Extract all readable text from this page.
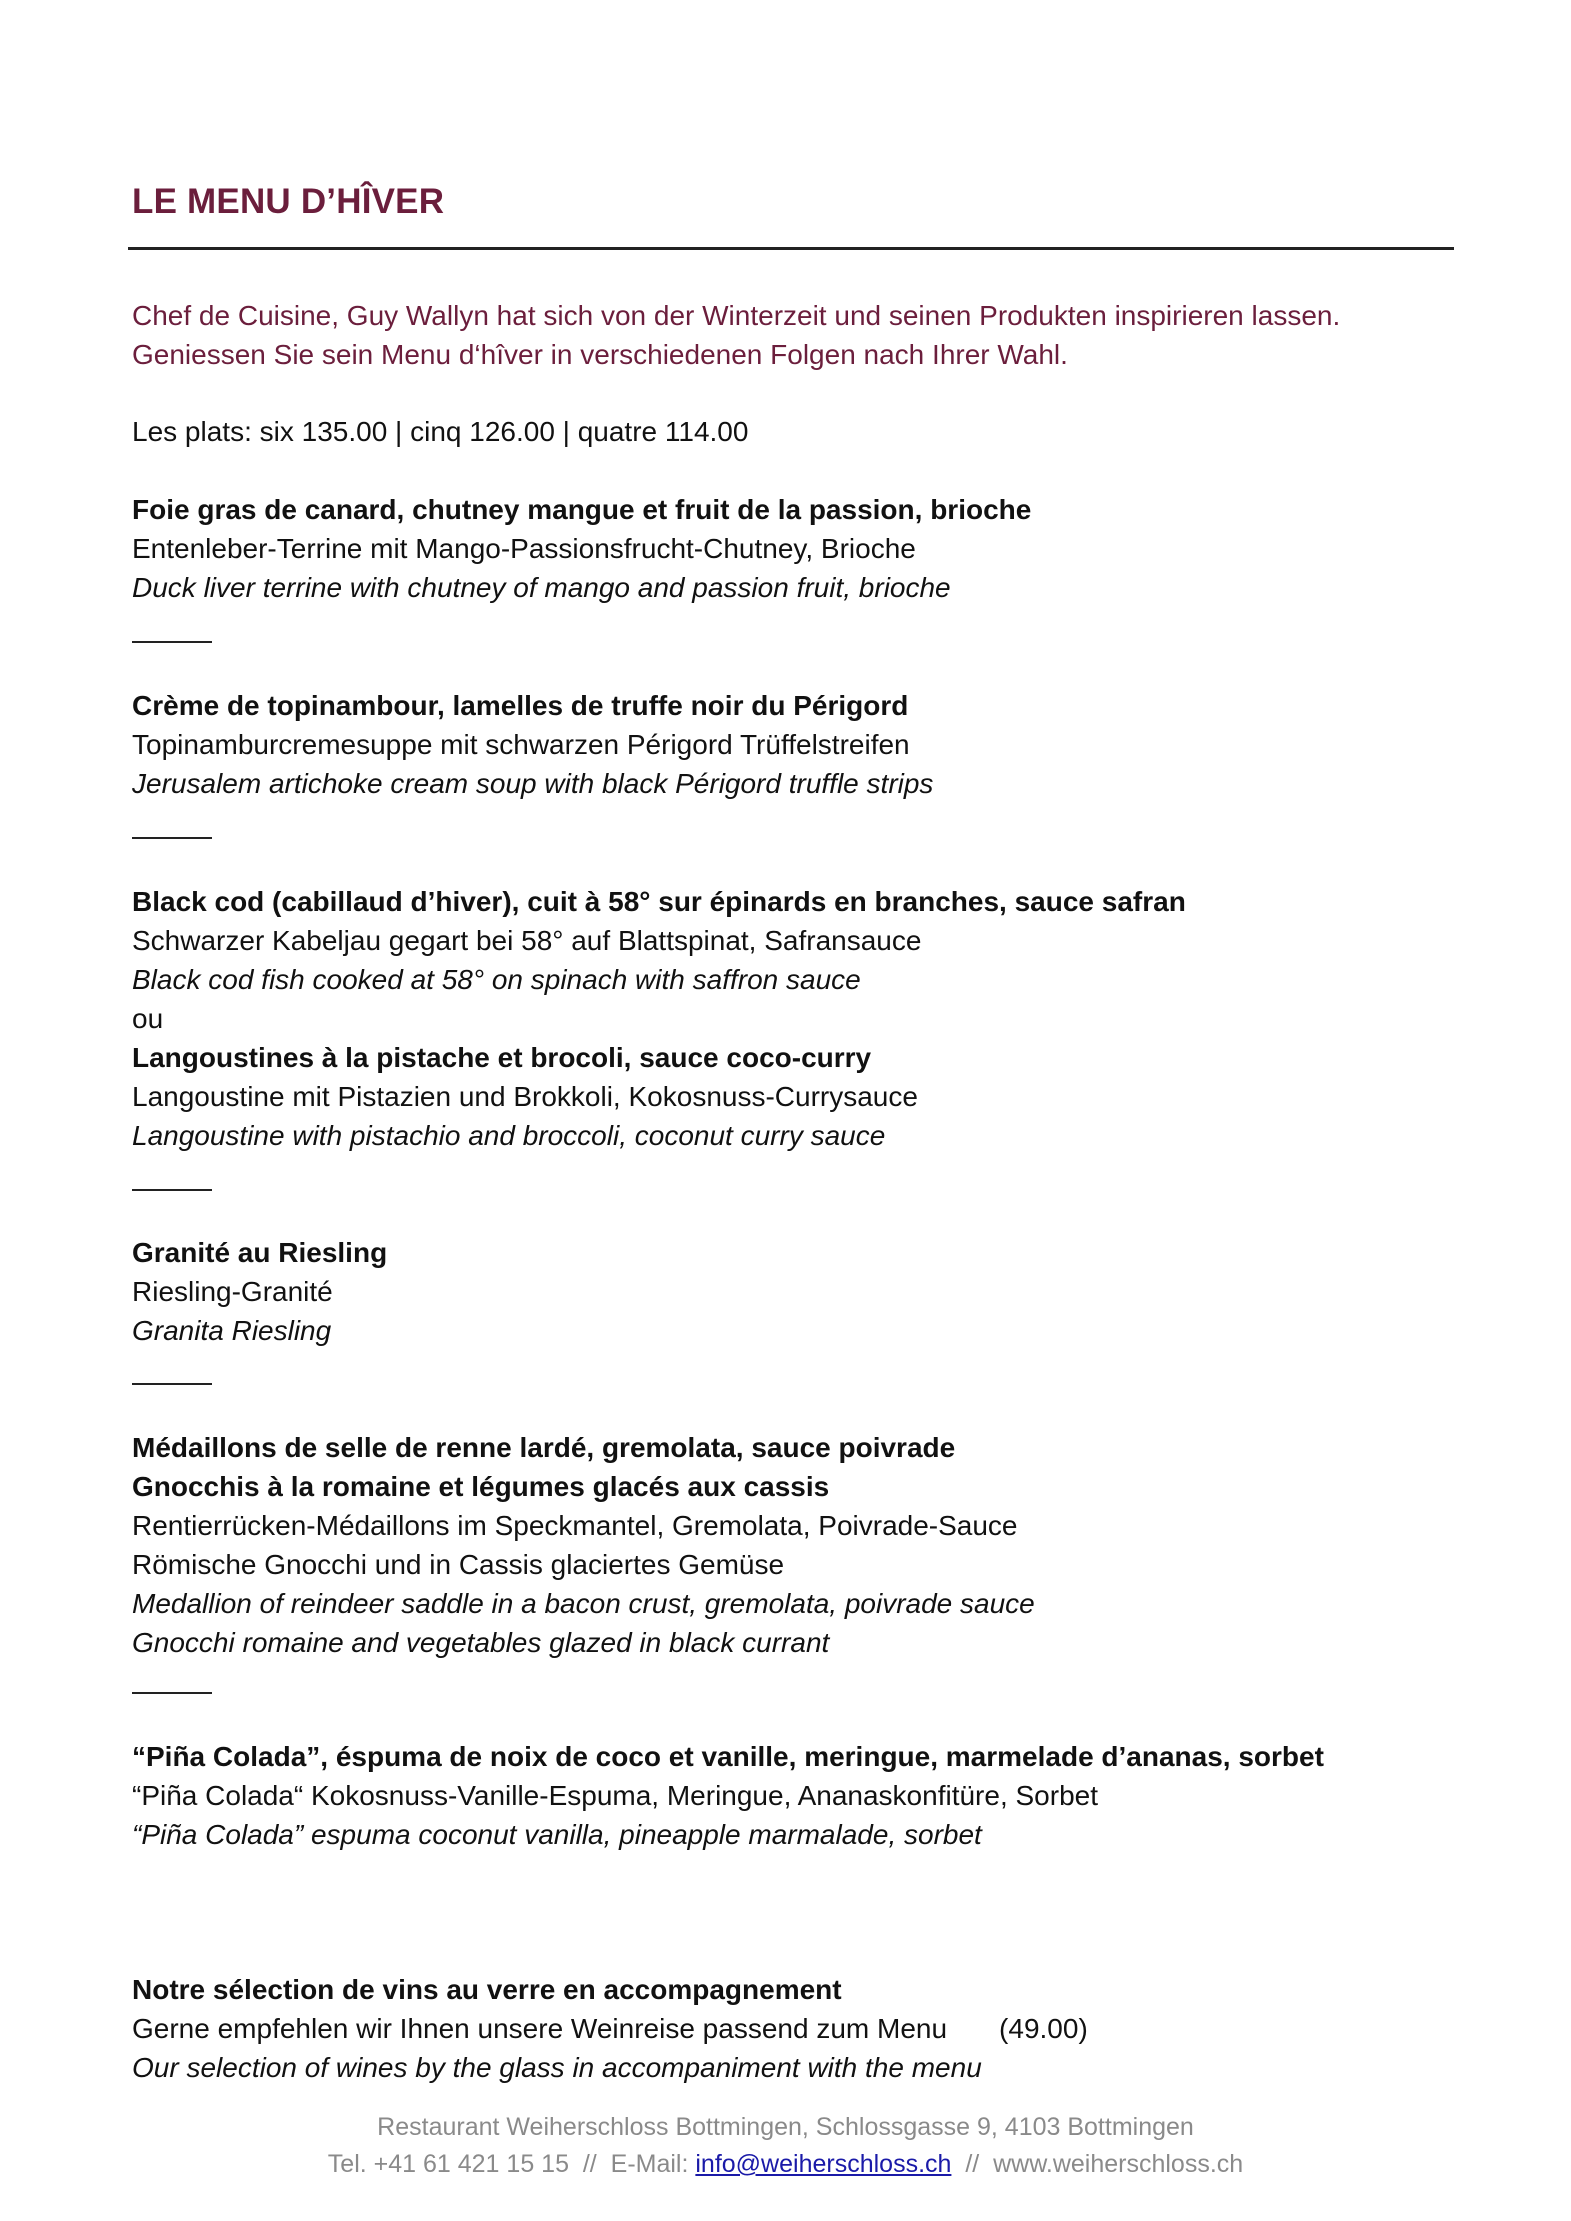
LE MENU D’HÎVER

Chef de Cuisine, Guy Wallyn hat sich von der Winterzeit und seinen Produkten inspirieren lassen.

Geniessen Sie sein Menu d‘hîver in verschiedenen Folgen nach Ihrer Wahl.

Les plats: six 135.00 | cinq 126.00 | quatre 114.00

Foie gras de canard, chutney mangue et fruit de la passion, brioche

Entenleber-Terrine mit Mango-Passionsfrucht-Chutney, Brioche

Duck liver terrine with chutney of mango and passion fruit, brioche

Crème de topinambour, lamelles de truffe noir du Périgord

Topinamburcremesuppe mit schwarzen Périgord Trüffelstreifen

Jerusalem artichoke cream soup with black Périgord truffle strips

Black cod (cabillaud d’hiver), cuit à 58° sur épinards en branches, sauce safran

Schwarzer Kabeljau gegart bei 58° auf Blattspinat, Safransauce

Black cod fish cooked at 58° on spinach with saffron sauce

ou

Langoustines à la pistache et brocoli, sauce coco-curry

Langoustine mit Pistazien und Brokkoli, Kokosnuss-Currysauce

Langoustine with pistachio and broccoli, coconut curry sauce

Granité au Riesling

Riesling-Granité

Granita Riesling

Médaillons de selle de renne lardé, gremolata, sauce poivrade

Gnocchis à la romaine et légumes glacés aux cassis

Rentierrücken-Médaillons im Speckmantel, Gremolata, Poivrade-Sauce

Römische Gnocchi und in Cassis glaciertes Gemüse

Medallion of reindeer saddle in a bacon crust, gremolata, poivrade sauce

Gnocchi romaine and vegetables glazed in black currant

“Piña Colada”, éspuma de noix de coco et vanille, meringue, marmelade d’ananas, sorbet

“Piña Colada“ Kokosnuss-Vanille-Espuma, Meringue, Ananaskonfitüre, Sorbet

“Piña Colada” espuma coconut vanilla, pineapple marmalade, sorbet

Notre sélection de vins au verre en accompagnement

Gerne empfehlen wir Ihnen unsere Weinreise passend zum Menu (49.00)

Our selection of wines by the glass in accompaniment with the menu

Restaurant Weiherschloss Bottmingen, Schlossgasse 9, 4103 Bottmingen
Tel. +41 61 421 15 15  //  E-Mail: info@weiherschloss.ch  //  www.weiherschloss.ch
